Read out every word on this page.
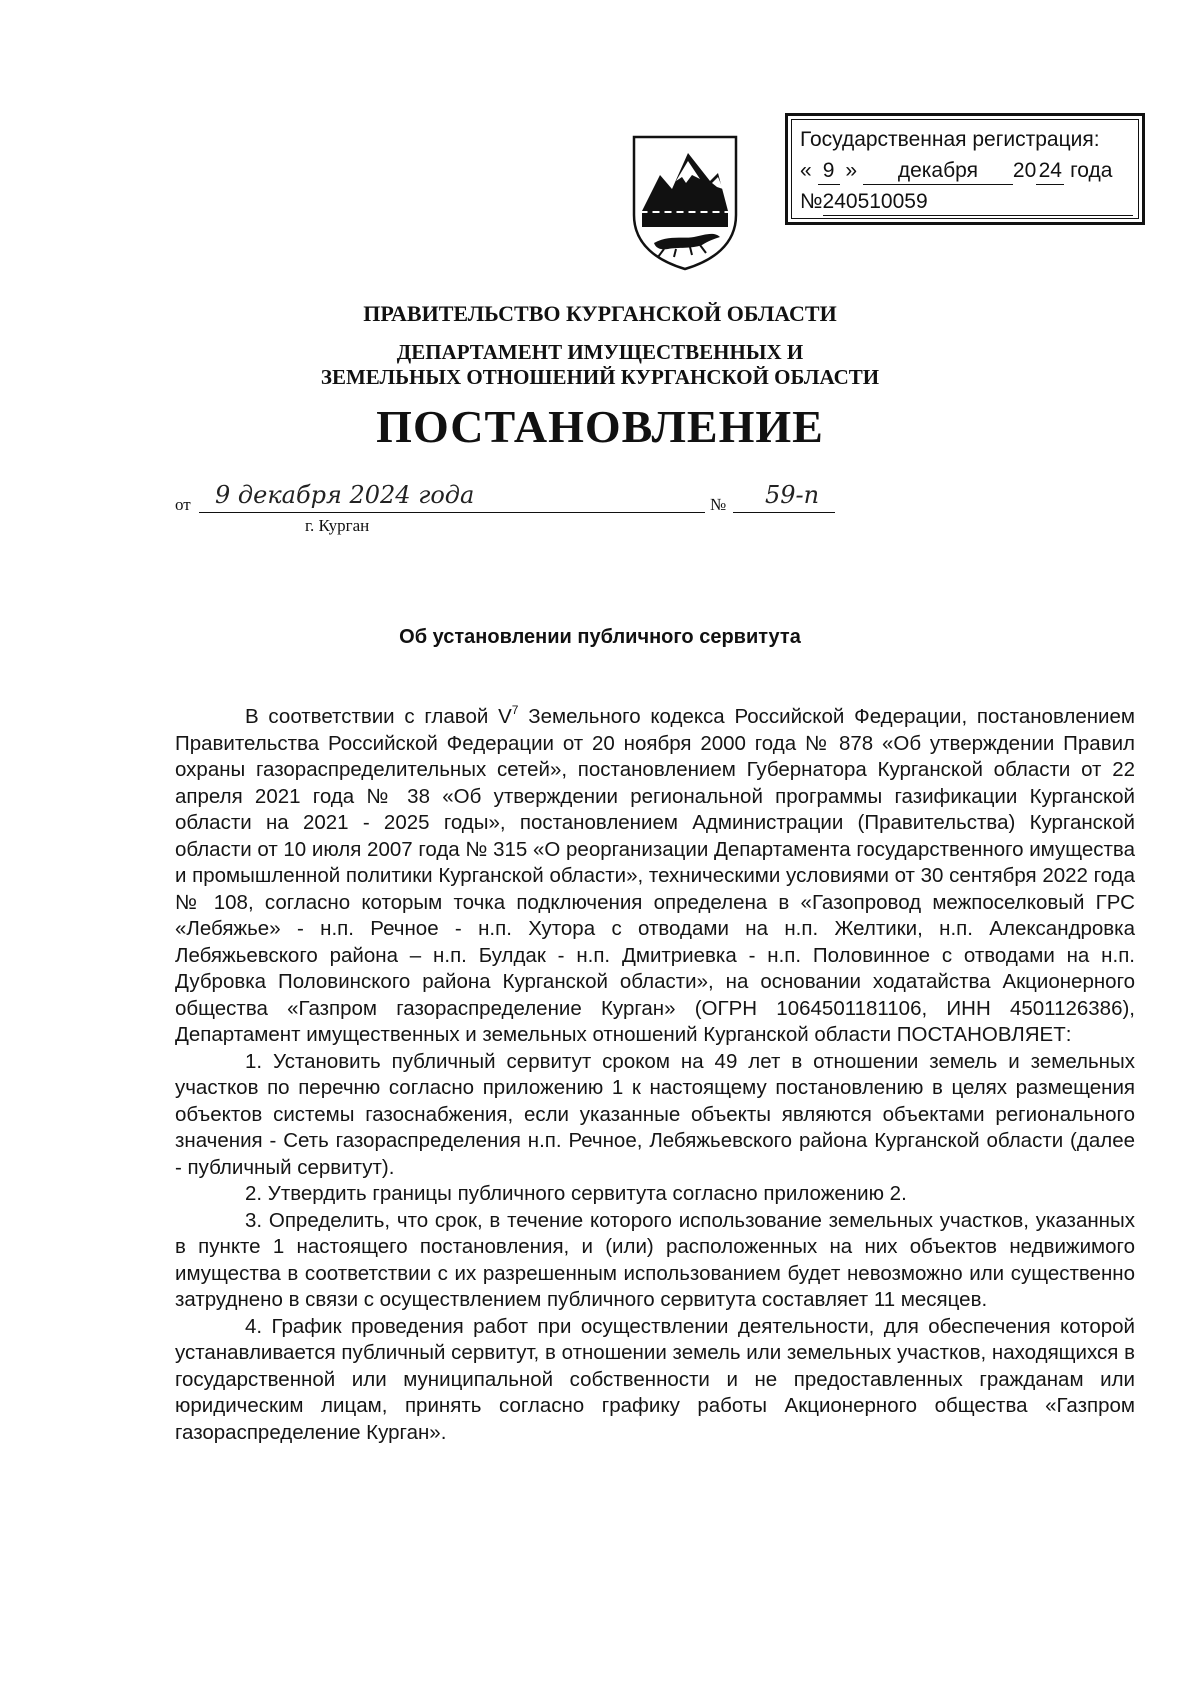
Государственная регистрация:
« 9 » декабря 20 24 года
№240510059
ПРАВИТЕЛЬСТВО КУРГАНСКОЙ ОБЛАСТИ
ДЕПАРТАМЕНТ ИМУЩЕСТВЕННЫХ И
ЗЕМЕЛЬНЫХ ОТНОШЕНИЙ КУРГАНСКОЙ ОБЛАСТИ
ПОСТАНОВЛЕНИЕ
от 9 декабря 2024 года	№ 59-п
г. Курган
Об установлении публичного сервитута

В соответствии с главой $V^7$ Земельного кодекса Российской Федерации, постановлением Правительства Российской Федерации от 20 ноября 2000 года № 878 «Об утверждении Правил охраны газораспределительных сетей», постановлением Губернатора Курганской области от 22 апреля 2021 года № 38 «Об утверждении региональной программы газификации Курганской области на 2021 - 2025 годы», постановлением Администрации (Правительства) Курганской области от 10 июля 2007 года № 315 «О реорганизации Департамента государственного имущества и промышленной политики Курганской области», техническими условиями от 30 сентября 2022 года № 108, согласно которым точка подключения определена в «Газопровод межпоселковый ГРС «Лебяжье» - н.п. Речное - н.п. Хутора с отводами на н.п. Желтики, н.п. Александровка Лебяжьевского района – н.п. Булдак - н.п. Дмитриевка - н.п. Половинное с отводами на н.п. Дубровка Половинского района Курганской области», на основании ходатайства Акционерного общества «Газпром газораспределение Курган» (ОГРН 1064501181106, ИНН 4501126386), Департамент имущественных и земельных отношений Курганской области ПОСТАНОВЛЯЕТ:

1. Установить публичный сервитут сроком на 49 лет в отношении земель и земельных участков по перечню согласно приложению 1 к настоящему постановлению в целях размещения объектов системы газоснабжения, если указанные объекты являются объектами регионального значения - Сеть газораспределения н.п. Речное, Лебяжьевского района Курганской области (далее - публичный сервитут).

2. Утвердить границы публичного сервитута согласно приложению 2.

3. Определить, что срок, в течение которого использование земельных участков, указанных в пункте 1 настоящего постановления, и (или) расположенных на них объектов недвижимого имущества в соответствии с их разрешенным использованием будет невозможно или существенно затруднено в связи с осуществлением публичного сервитута составляет 11 месяцев.

4. График проведения работ при осуществлении деятельности, для обеспечения которой устанавливается публичный сервитут, в отношении земель или земельных участков, находящихся в государственной или муниципальной собственности и не предоставленных гражданам или юридическим лицам, принять согласно графику работы Акционерного общества «Газпром газораспределение Курган».
